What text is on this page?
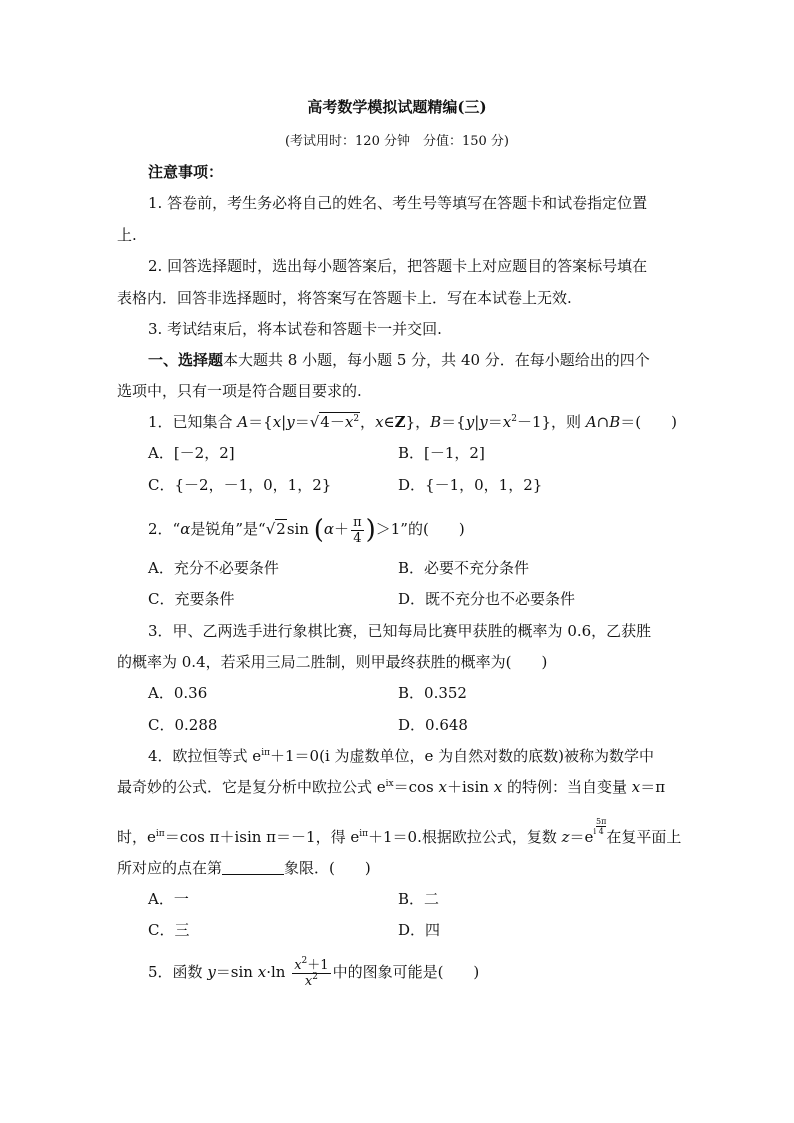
高考数学模拟试题精编(三)
(考试用时：120 分钟　分值：150 分)
注意事项：
1. 答卷前，考生务必将自己的姓名、考生号等填写在答题卡和试卷指定位置
上.
2. 回答选择题时，选出每小题答案后，把答题卡上对应题目的答案标号填在
表格内．回答非选择题时，将答案写在答题卡上．写在本试卷上无效.
3. 考试结束后，将本试卷和答题卡一并交回.
一、选择题本大题共 8 小题，每小题 5 分，共 40 分．在每小题给出的四个
选项中，只有一项是符合题目要求的.
1．已知集合 $A=\{x|y=√4-x^2$，x∈Z}，$B=\{y|y=x^2-1\}$，则 A∩B＝(　　)
A．[－2，2]	B．[－1，2]
C．{－2，－1，0，1，2}	D．{－1，0，1，2}
2．“α是锐角”是“√2sin $(\alpha+ \frac{\pi}{4} )>1$”的(　　)
A．充分不必要条件	B．必要不充分条件
C．充要条件	D．既不充分也不必要条件
3．甲、乙两选手进行象棋比赛，已知每局比赛甲获胜的概率为 0.6，乙获胜
的概率为 0.4，若采用三局二胜制，则甲最终获胜的概率为(　　)
A．0.36	B．0.352
C．0.288	D．0.648
4．欧拉恒等式 $e^{i\pi}+1=0(i$ 为虚数单位，e 为自然对数的底数)被称为数学中
最奇妙的公式．它是复分析中欧拉公式 $e^{ix}=\cos$ x＋isin x 的特例：当自变量 x＝π
时，$e^{i\pi}=\cos$ π＋isin π＝－1，得 $e^{i\pi}+1=0$.根据欧拉公式，复数 $z=ei \frac{5\pi}{4}$在复平面上
所对应的点在第	象限．(　　)
A．一	B．二
C．三	D．四
5．函数 y＝sin $x\cdot\ln \frac{x^2+1}{x^2}$ 中的图象可能是(　　)
